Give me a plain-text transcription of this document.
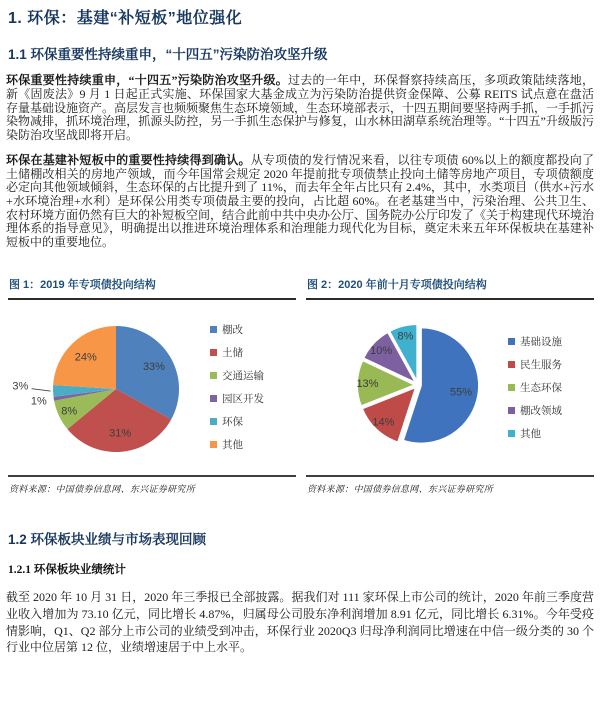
1. 环保：基建“补短板”地位强化
1.1 环保重要性持续重申，“十四五”污染防治攻坚升级

环保重要性持续重申，“十四五”污染防治攻坚升级。过去的一年中，环保督察持续高压，多项政策陆续落地，新《固废法》9 月 1 日起正式实施、环保国家大基金成立为污染防治提供资金保障、公募 REITS 试点意在盘活存量基础设施资产。高层发言也频频聚焦生态环境领域，生态环境部表示，十四五期间要坚持两手抓，一手抓污染物减排，抓环境治理，抓源头防控，另一手抓生态保护与修复，山水林田湖草系统治理等。“十四五”升级版污染防治攻坚战即将开启。

环保在基建补短板中的重要性持续得到确认。从专项债的发行情况来看，以往专项债 60%以上的额度都投向了土储棚改相关的房地产领域，而今年国常会规定 2020 年提前批专项债禁止投向土储等房地产项目，专项债额度必定向其他领域倾斜，生态环保的占比提升到了 11%，而去年全年占比只有 2.4%，其中，水类项目（供水+污水+水环境治理+水利）是环保公用类专项债最主要的投向，占比超 60%。在老基建当中，污染治理、公共卫生、农村环境方面仍然有巨大的补短板空间，结合此前中共中央办公厅、国务院办公厅印发了《关于构建现代环境治理体系的指导意见》，明确提出以推进环境治理体系和治理能力现代化为目标，奠定未来五年环保板块在基建补短板中的重要地位。

图 1：2019 年专项债投向结构
33%
31%
8%
1%
3%
24%
棚改
土储
交通运输
园区开发
环保
其他
资料来源：中国债券信息网、东兴证券研究所
图 2：2020 年前十月专项债投向结构
55%
14%
13%
10%
8%	基础设施
民生服务
生态环保
棚改领域
其他
资料来源：中国债券信息网、东兴证券研究所
1.2 环保板块业绩与市场表现回顾
1.2.1 环保板块业绩统计

截至 2020 年 10 月 31 日，2020 年三季报已全部披露。据我们对 111 家环保上市公司的统计，2020 年前三季度营业收入增加为 73.10 亿元，同比增长 4.87%，归属母公司股东净利润增加 8.91 亿元，同比增长 6.31%。今年受疫情影响，Q1、Q2 部分上市公司的业绩受到冲击，环保行业 2020Q3 归母净利润同比增速在中信一级分类的 30 个行业中位居第 12 位，业绩增速居于中上水平。
